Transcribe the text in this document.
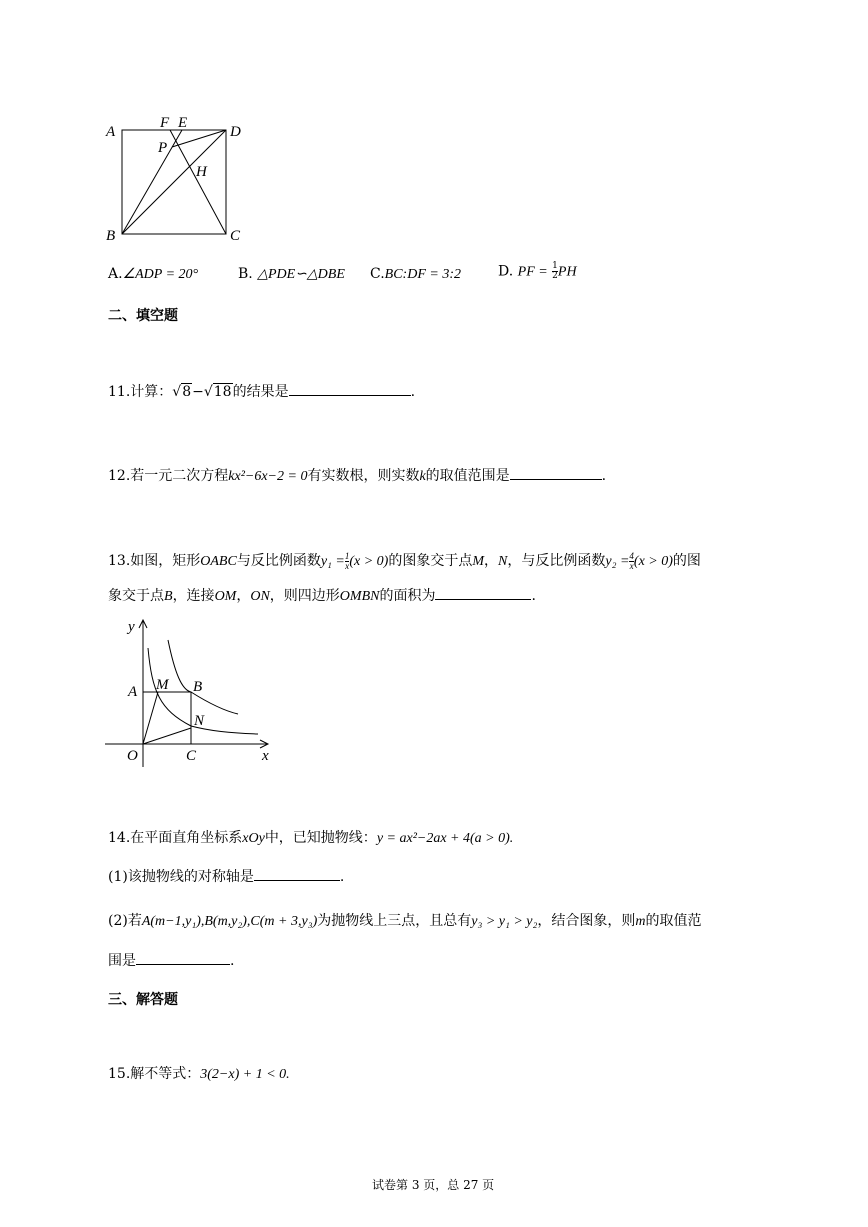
A
B	C
D
F E
P
H
A.∠ADP = 20°	B. △PDE∽△DBE C.BC:DF = 3:2	D. PF = $\frac{1}{2}$ PH
二、填空题
11.计算：√8−√18的结果是	.
12.若一元二次方程kx²−6x−2 = 0有实数根，则实数k的取值范围是	.
13.如图，矩形OABC与反比例函数$y_1 = \frac{1}{x} (x > 0)$的图象交于点M，N，与反比例函数$y_2 = \frac{4}{x} (x > 0)$的图
象交于点B，连接OM，ON，则四边形OMBN的面积为	.
y
x
O
A M B
N
C
14.在平面直角坐标系xOy中，已知抛物线：y = ax²−2ax + 4(a > 0).
(1)该抛物线的对称轴是	.
(2)若A(m−1,y₁),B(m,y₂),C(m + 3,y₃)为抛物线上三点，且总有y₃ > y₁ > y₂，结合图象，则m的取值范
围是	.
三、解答题
15.解不等式：3(2−x) + 1 < 0.
试卷第 3 页，总 27 页
